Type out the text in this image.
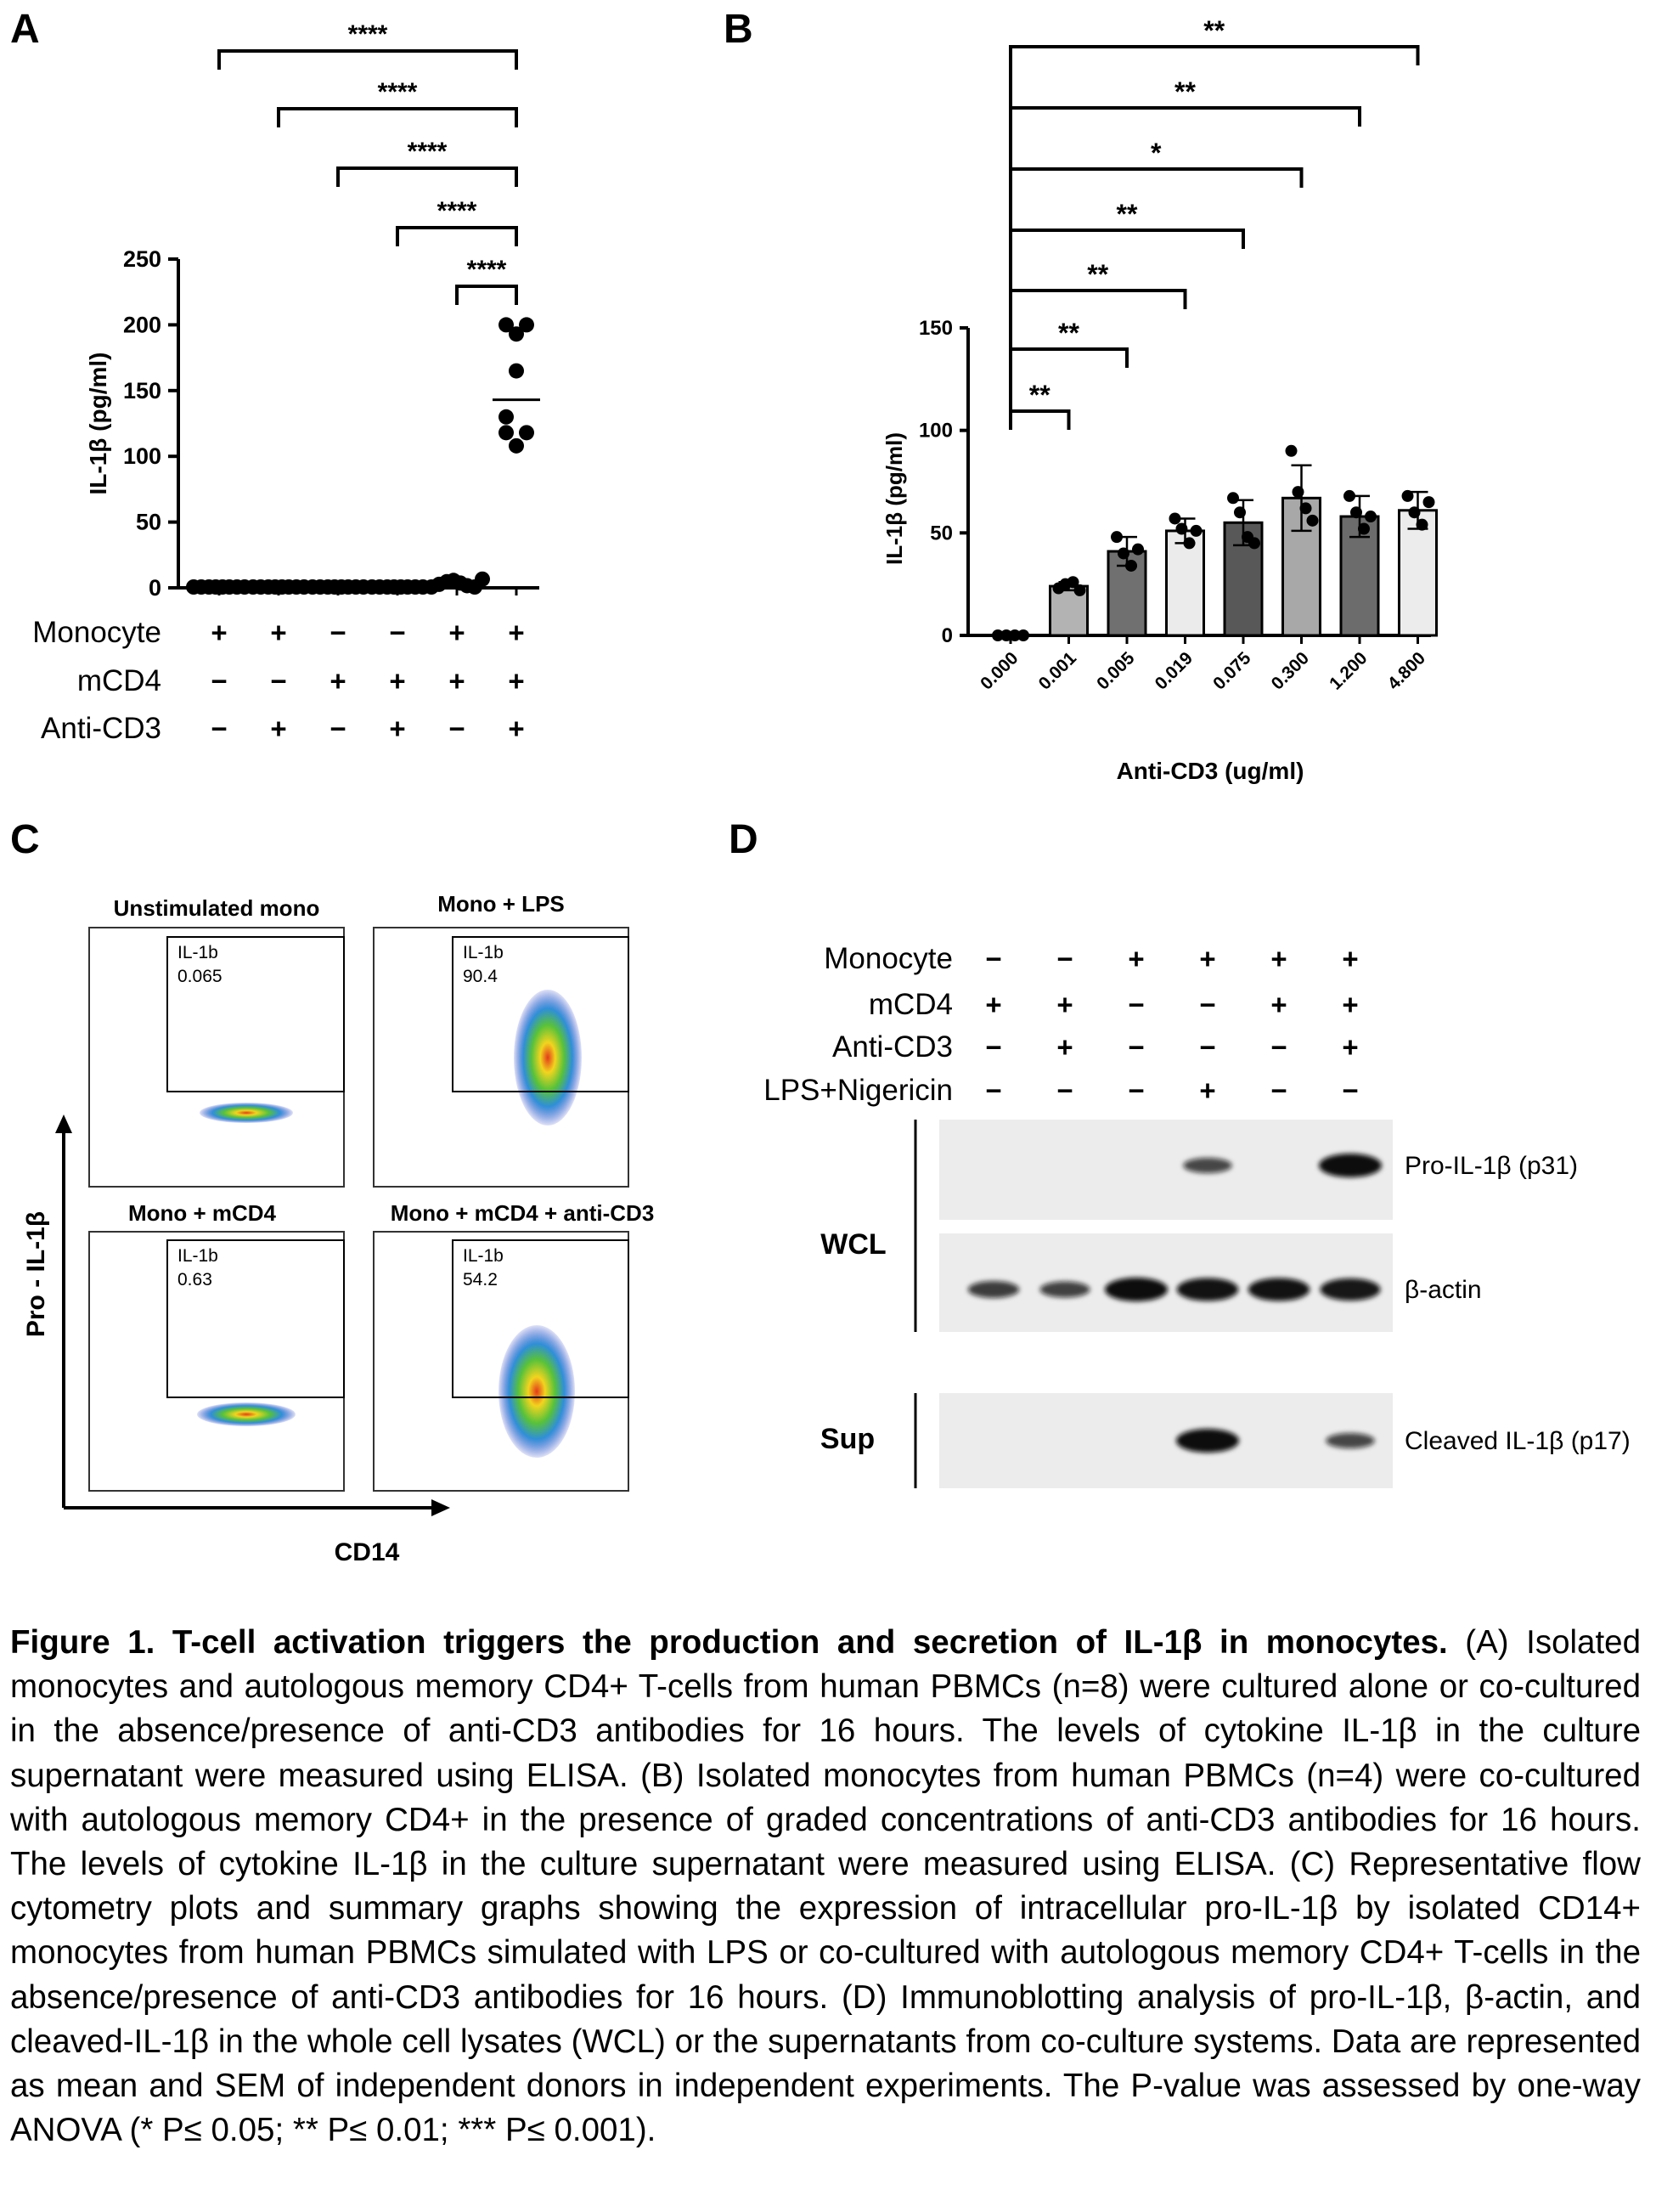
A
0
50
100
150
200
250
IL-1β (pg/ml)
****
****
****
****
****
Monocyte + + − − + +
mCD4 − − + + + +
Anti-CD3 − + − + − +
B
0
50
100
150
IL-1β (pg/ml)
Anti-CD3 (ug/ml)
0.000 0.001 0.005 0.019 0.075 0.300 1.200 4.800
**
**
*
**
**
**
**
C
Unstimulated mono
IL-1b
0.065
Mono + LPS
IL-1b
90.4
Mono + mCD4
IL-1b
0.63
Mono + mCD4 + anti-CD3
IL-1b
54.2
Pro - IL-1β
CD14
D
Monocyte − − + + + +
mCD4 + + − − + +
Anti-CD3 − + − − − +
LPS+Nigericin − − − + − −
Pro-IL-1β (p31)
β-actin
Cleaved IL-1β (p17)
WCL
Sup
Figure 1. T-cell activation triggers the production and secretion of IL-1β in monocytes. (A) Isolated monocytes and autologous memory CD4+ T-cells from human PBMCs (n=8) were cultured alone or co-cultured in the absence/presence of anti-CD3 antibodies for 16 hours. The levels of cytokine IL-1β in the culture supernatant were measured using ELISA. (B) Isolated monocytes from human PBMCs (n=4) were co-cultured with autologous memory CD4+ in the presence of graded concentrations of anti-CD3 antibodies for 16 hours. The levels of cytokine IL-1β in the culture supernatant were measured using ELISA. (C) Representative flow cytometry plots and summary graphs showing the expression of intracellular pro-IL-1β by isolated CD14+ monocytes from human PBMCs simulated with LPS or co-cultured with autologous memory CD4+ T-cells in the absence/presence of anti-CD3 antibodies for 16 hours. (D) Immunoblotting analysis of pro-IL-1β, β-actin, and cleaved-IL-1β in the whole cell lysates (WCL) or the supernatants from co-culture systems. Data are represented as mean and SEM of independent donors in independent experiments. The P-value was assessed by one-way ANOVA (* P≤ 0.05; ** P≤ 0.01; *** P≤ 0.001).
